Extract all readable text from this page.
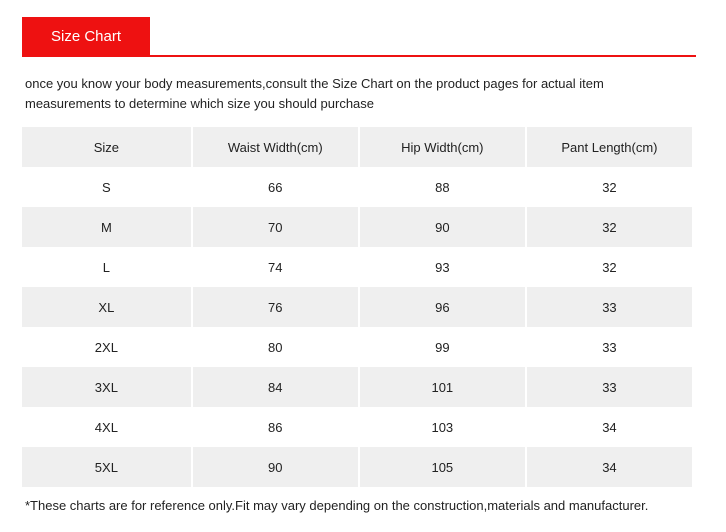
Size Chart
once you know your body measurements,consult the Size Chart on the product pages for actual item
measurements to determine which size you should purchase
Size	Waist Width(cm)	Hip Width(cm)	Pant Length(cm)
S	66	88	32
M	70	90	32
L	74	93	32
XL	76	96	33
2XL	80	99	33
3XL	84	101	33
4XL	86	103	34
5XL	90	105	34
*These charts are for reference only.Fit may vary depending on the construction,materials and manufacturer.
